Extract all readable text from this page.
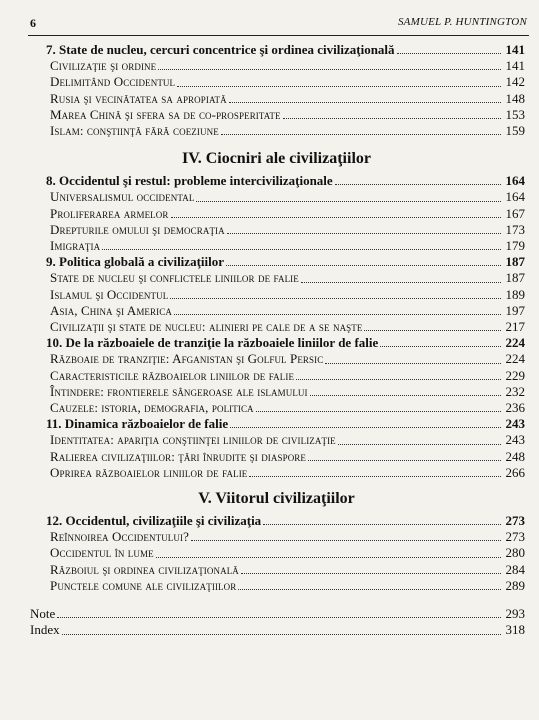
6	SAMUEL P. HUNTINGTON
7. State de nucleu, cercuri concentrice şi ordinea civilizaţională	141
Civilizaţie şi ordine	141
Delimitând Occidentul	142
Rusia şi vecinătatea sa apropiată	148
Marea Chină şi sfera sa de co-prosperitate	153
Islam: conştiinţă fără coeziune	159
IV. Ciocniri ale civilizaţiilor
8. Occidentul şi restul: probleme intercivilizaţionale	164
Universalismul occidental	164
Proliferarea armelor	167
Drepturile omului şi democraţia	173
Imigraţia	179
9. Politica globală a civilizaţiilor	187
State de nucleu şi conflictele liniilor de falie	187
Islamul şi Occidentul	189
Asia, China şi America	197
Civilizaţii şi state de nucleu: alinieri pe cale de a se naşte	217
10. De la războaiele de tranziţie la războaiele liniilor de falie	224
Războaie de tranziţie: Afganistan şi Golful Persic	224
Caracteristicile războaielor liniilor de falie	229
Întindere: frontierele sângeroase ale islamului	232
Cauzele: istoria, demografia, politica	236
11. Dinamica războaielor de falie	243
Identitatea: apariţia conştiinţei liniilor de civilizaţie	243
Ralierea civilizaţiilor: ţări înrudite şi diaspore	248
Oprirea războaielor liniilor de falie	266
V. Viitorul civilizaţiilor
12. Occidentul, civilizaţiile şi civilizaţia	273
Reînnoirea Occidentului?	273
Occidentul în lume	280
Războiul şi ordinea civilizaţională	284
Punctele comune ale civilizaţiilor	289
Note	293
Index	318
